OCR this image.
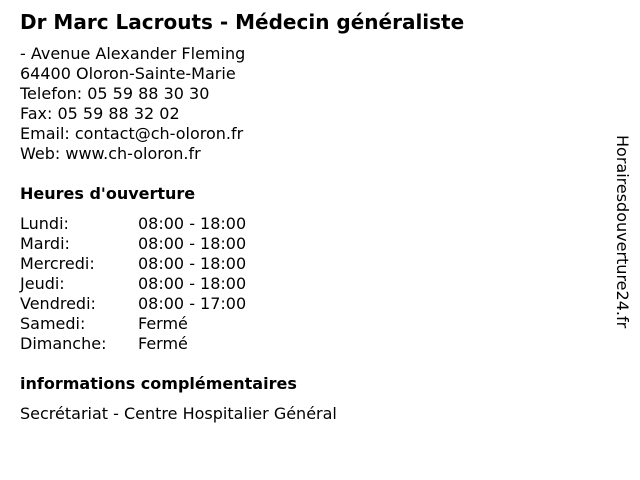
Dr Marc Lacrouts - Médecin généraliste
- Avenue Alexander Fleming
64400 Oloron-Sainte-Marie
Telefon: 05 59 88 30 30
Fax: 05 59 88 32 02
Email: contact@ch-oloron.fr
Web: www.ch-oloron.fr
Heures d'ouverture
Lundi:	08:00 - 18:00
Mardi:	08:00 - 18:00
Mercredi:	08:00 - 18:00
Jeudi:	08:00 - 18:00
Vendredi:	08:00 - 17:00
Samedi:	Fermé
Dimanche: Fermé
informations complémentaires
Secrétariat - Centre Hospitalier Général
Horairesdouverture24.fr
